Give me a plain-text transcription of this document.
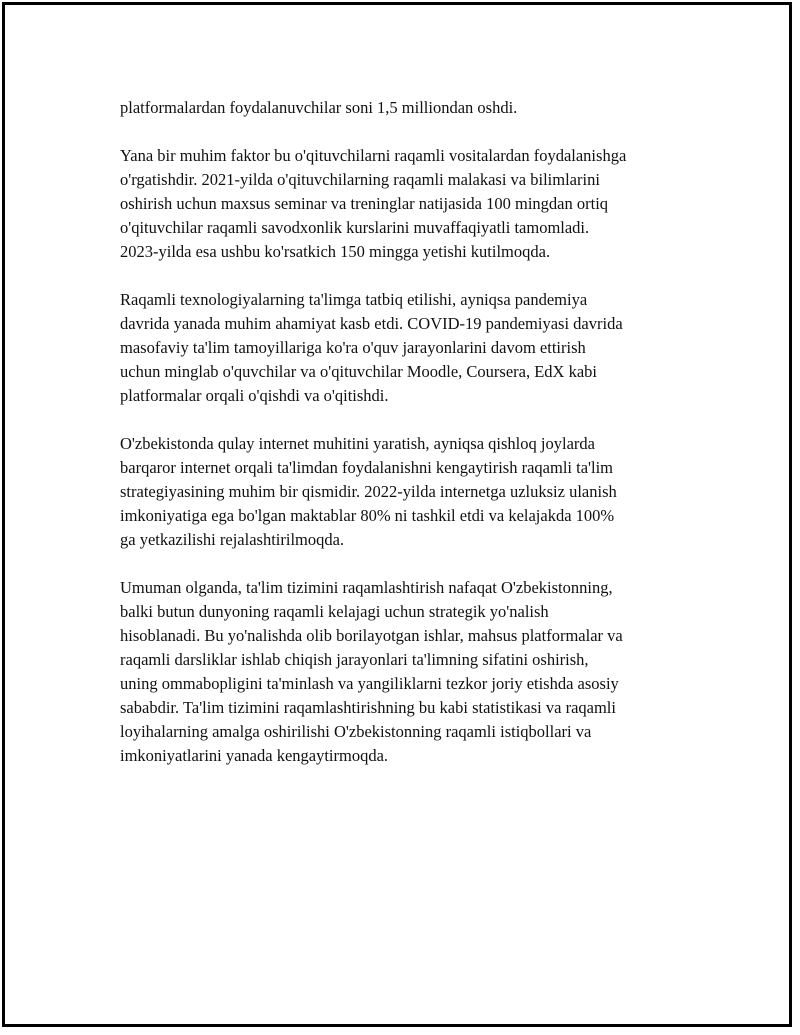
platformalardan foydalanuvchilar soni 1,5 milliondan oshdi.

Yana bir muhim faktor bu o'qituvchilarni raqamli vositalardan foydalanishga
o'rgatishdir. 2021-yilda o'qituvchilarning raqamli malakasi va bilimlarini
oshirish uchun maxsus seminar va treninglar natijasida 100 mingdan ortiq
o'qituvchilar raqamli savodxonlik kurslarini muvaffaqiyatli tamomladi.
2023-yilda esa ushbu ko'rsatkich 150 mingga yetishi kutilmoqda.

Raqamli texnologiyalarning ta'limga tatbiq etilishi, ayniqsa pandemiya
davrida yanada muhim ahamiyat kasb etdi. COVID-19 pandemiyasi davrida
masofaviy ta'lim tamoyillariga ko'ra o'quv jarayonlarini davom ettirish
uchun minglab o'quvchilar va o'qituvchilar Moodle, Coursera, EdX kabi
platformalar orqali o'qishdi va o'qitishdi.

O'zbekistonda qulay internet muhitini yaratish, ayniqsa qishloq joylarda
barqaror internet orqali ta'limdan foydalanishni kengaytirish raqamli ta'lim
strategiyasining muhim bir qismidir. 2022-yilda internetga uzluksiz ulanish
imkoniyatiga ega bo'lgan maktablar 80% ni tashkil etdi va kelajakda 100%
ga yetkazilishi rejalashtirilmoqda.

Umuman olganda, ta'lim tizimini raqamlashtirish nafaqat O'zbekistonning,
balki butun dunyoning raqamli kelajagi uchun strategik yo'nalish
hisoblanadi. Bu yo'nalishda olib borilayotgan ishlar, mahsus platformalar va
raqamli darsliklar ishlab chiqish jarayonlari ta'limning sifatini oshirish,
uning ommabopligini ta'minlash va yangiliklarni tezkor joriy etishda asosiy
sababdir. Ta'lim tizimini raqamlashtirishning bu kabi statistikasi va raqamli
loyihalarning amalga oshirilishi O'zbekistonning raqamli istiqbollari va
imkoniyatlarini yanada kengaytirmoqda.
